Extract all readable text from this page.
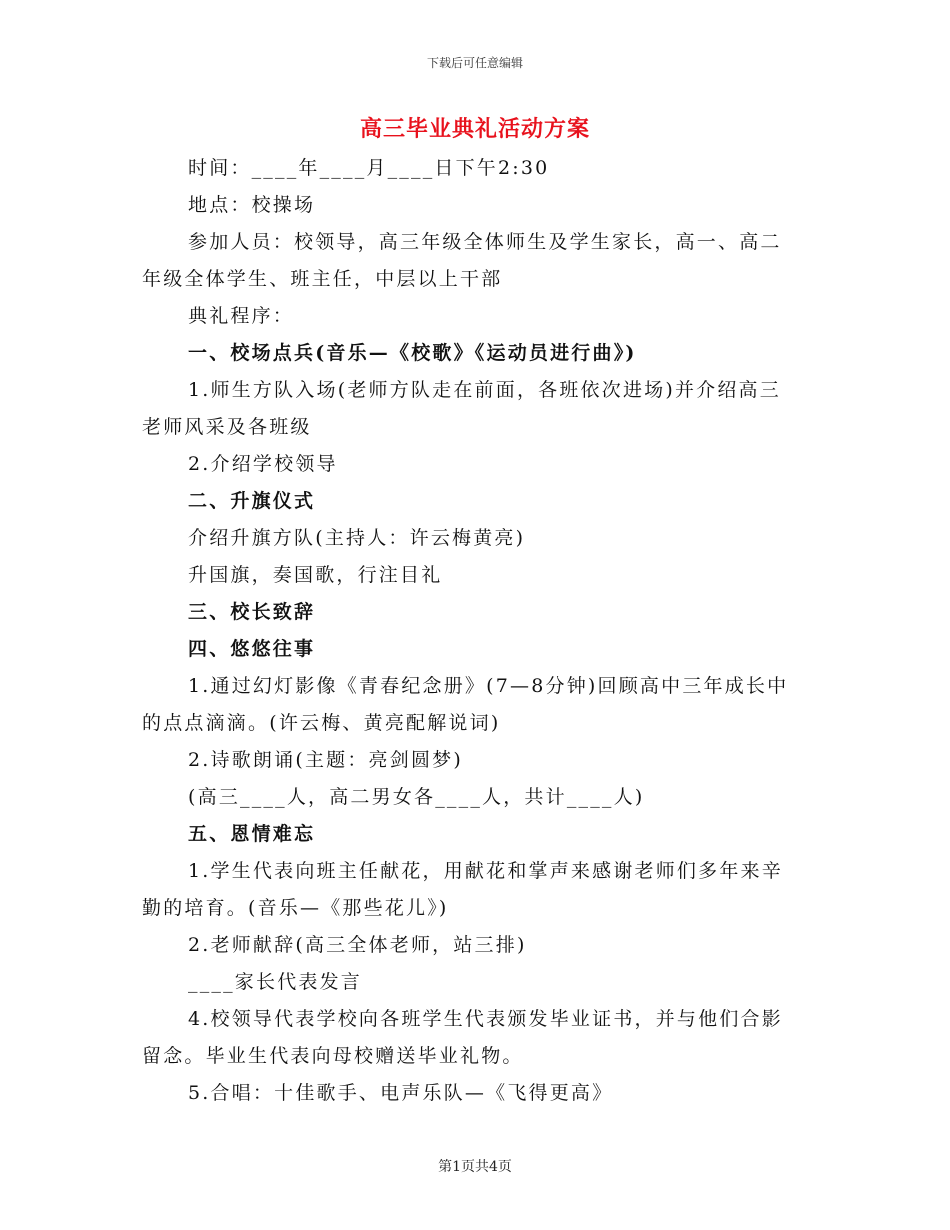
下载后可任意编辑
高三毕业典礼活动方案

时间：____年____月____日下午2:30

地点：校操场

参加人员：校领导，高三年级全体师生及学生家长，高一、高二年级全体学生、班主任，中层以上干部

典礼程序：

一、校场点兵(音乐—《校歌》《运动员进行曲》)

1.师生方队入场(老师方队走在前面，各班依次进场)并介绍高三老师风采及各班级

2.介绍学校领导

二、升旗仪式

介绍升旗方队(主持人：许云梅黄亮)

升国旗，奏国歌，行注目礼

三、校长致辞

四、悠悠往事

1.通过幻灯影像《青春纪念册》(7—8分钟)回顾高中三年成长中的点点滴滴。(许云梅、黄亮配解说词)

2.诗歌朗诵(主题：亮剑圆梦)

(高三____人，高二男女各____人，共计____人)

五、恩情难忘

1.学生代表向班主任献花，用献花和掌声来感谢老师们多年来辛勤的培育。(音乐—《那些花儿》)

2.老师献辞(高三全体老师，站三排)

____家长代表发言

4.校领导代表学校向各班学生代表颁发毕业证书，并与他们合影留念。毕业生代表向母校赠送毕业礼物。

5.合唱：十佳歌手、电声乐队—《飞得更高》

第1页共4页
